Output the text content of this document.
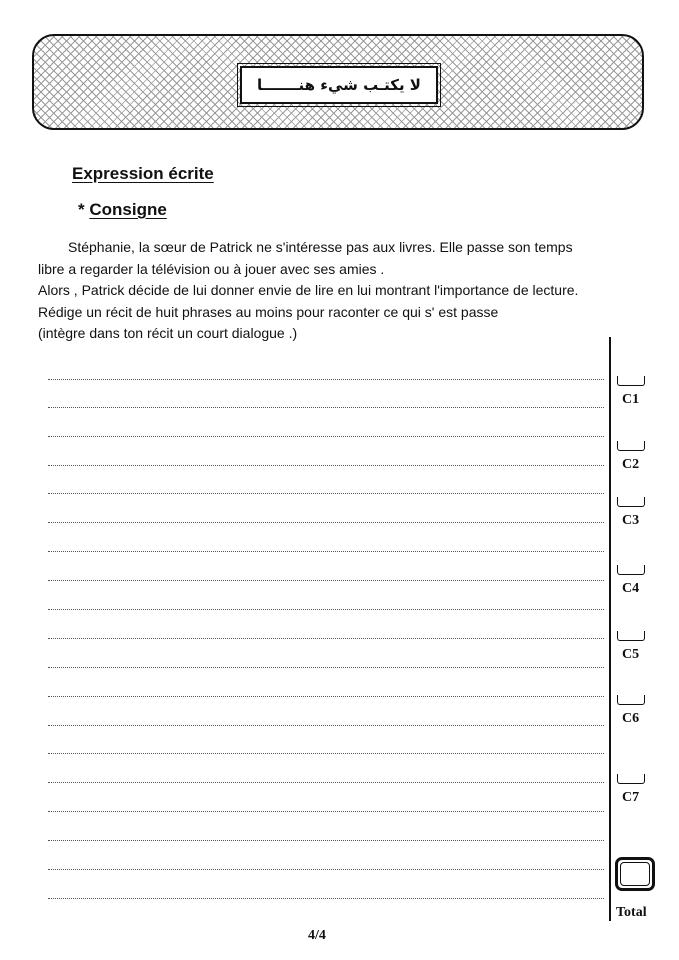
لا يكتـب شيء هنـــــــا
Expression écrite
* Consigne

Stéphanie, la sœur de Patrick ne s'intéresse pas aux livres. Elle passe son temps

libre a regarder la télévision ou à jouer avec ses amies .

Alors , Patrick décide de lui donner envie de lire en lui montrant l'importance de lecture.

Rédige un récit de huit phrases au moins pour raconter ce qui s' est passe

(intègre dans ton récit un court dialogue .)

C1
C2
C3
C4
C5
C6
C7
Total
4/4
